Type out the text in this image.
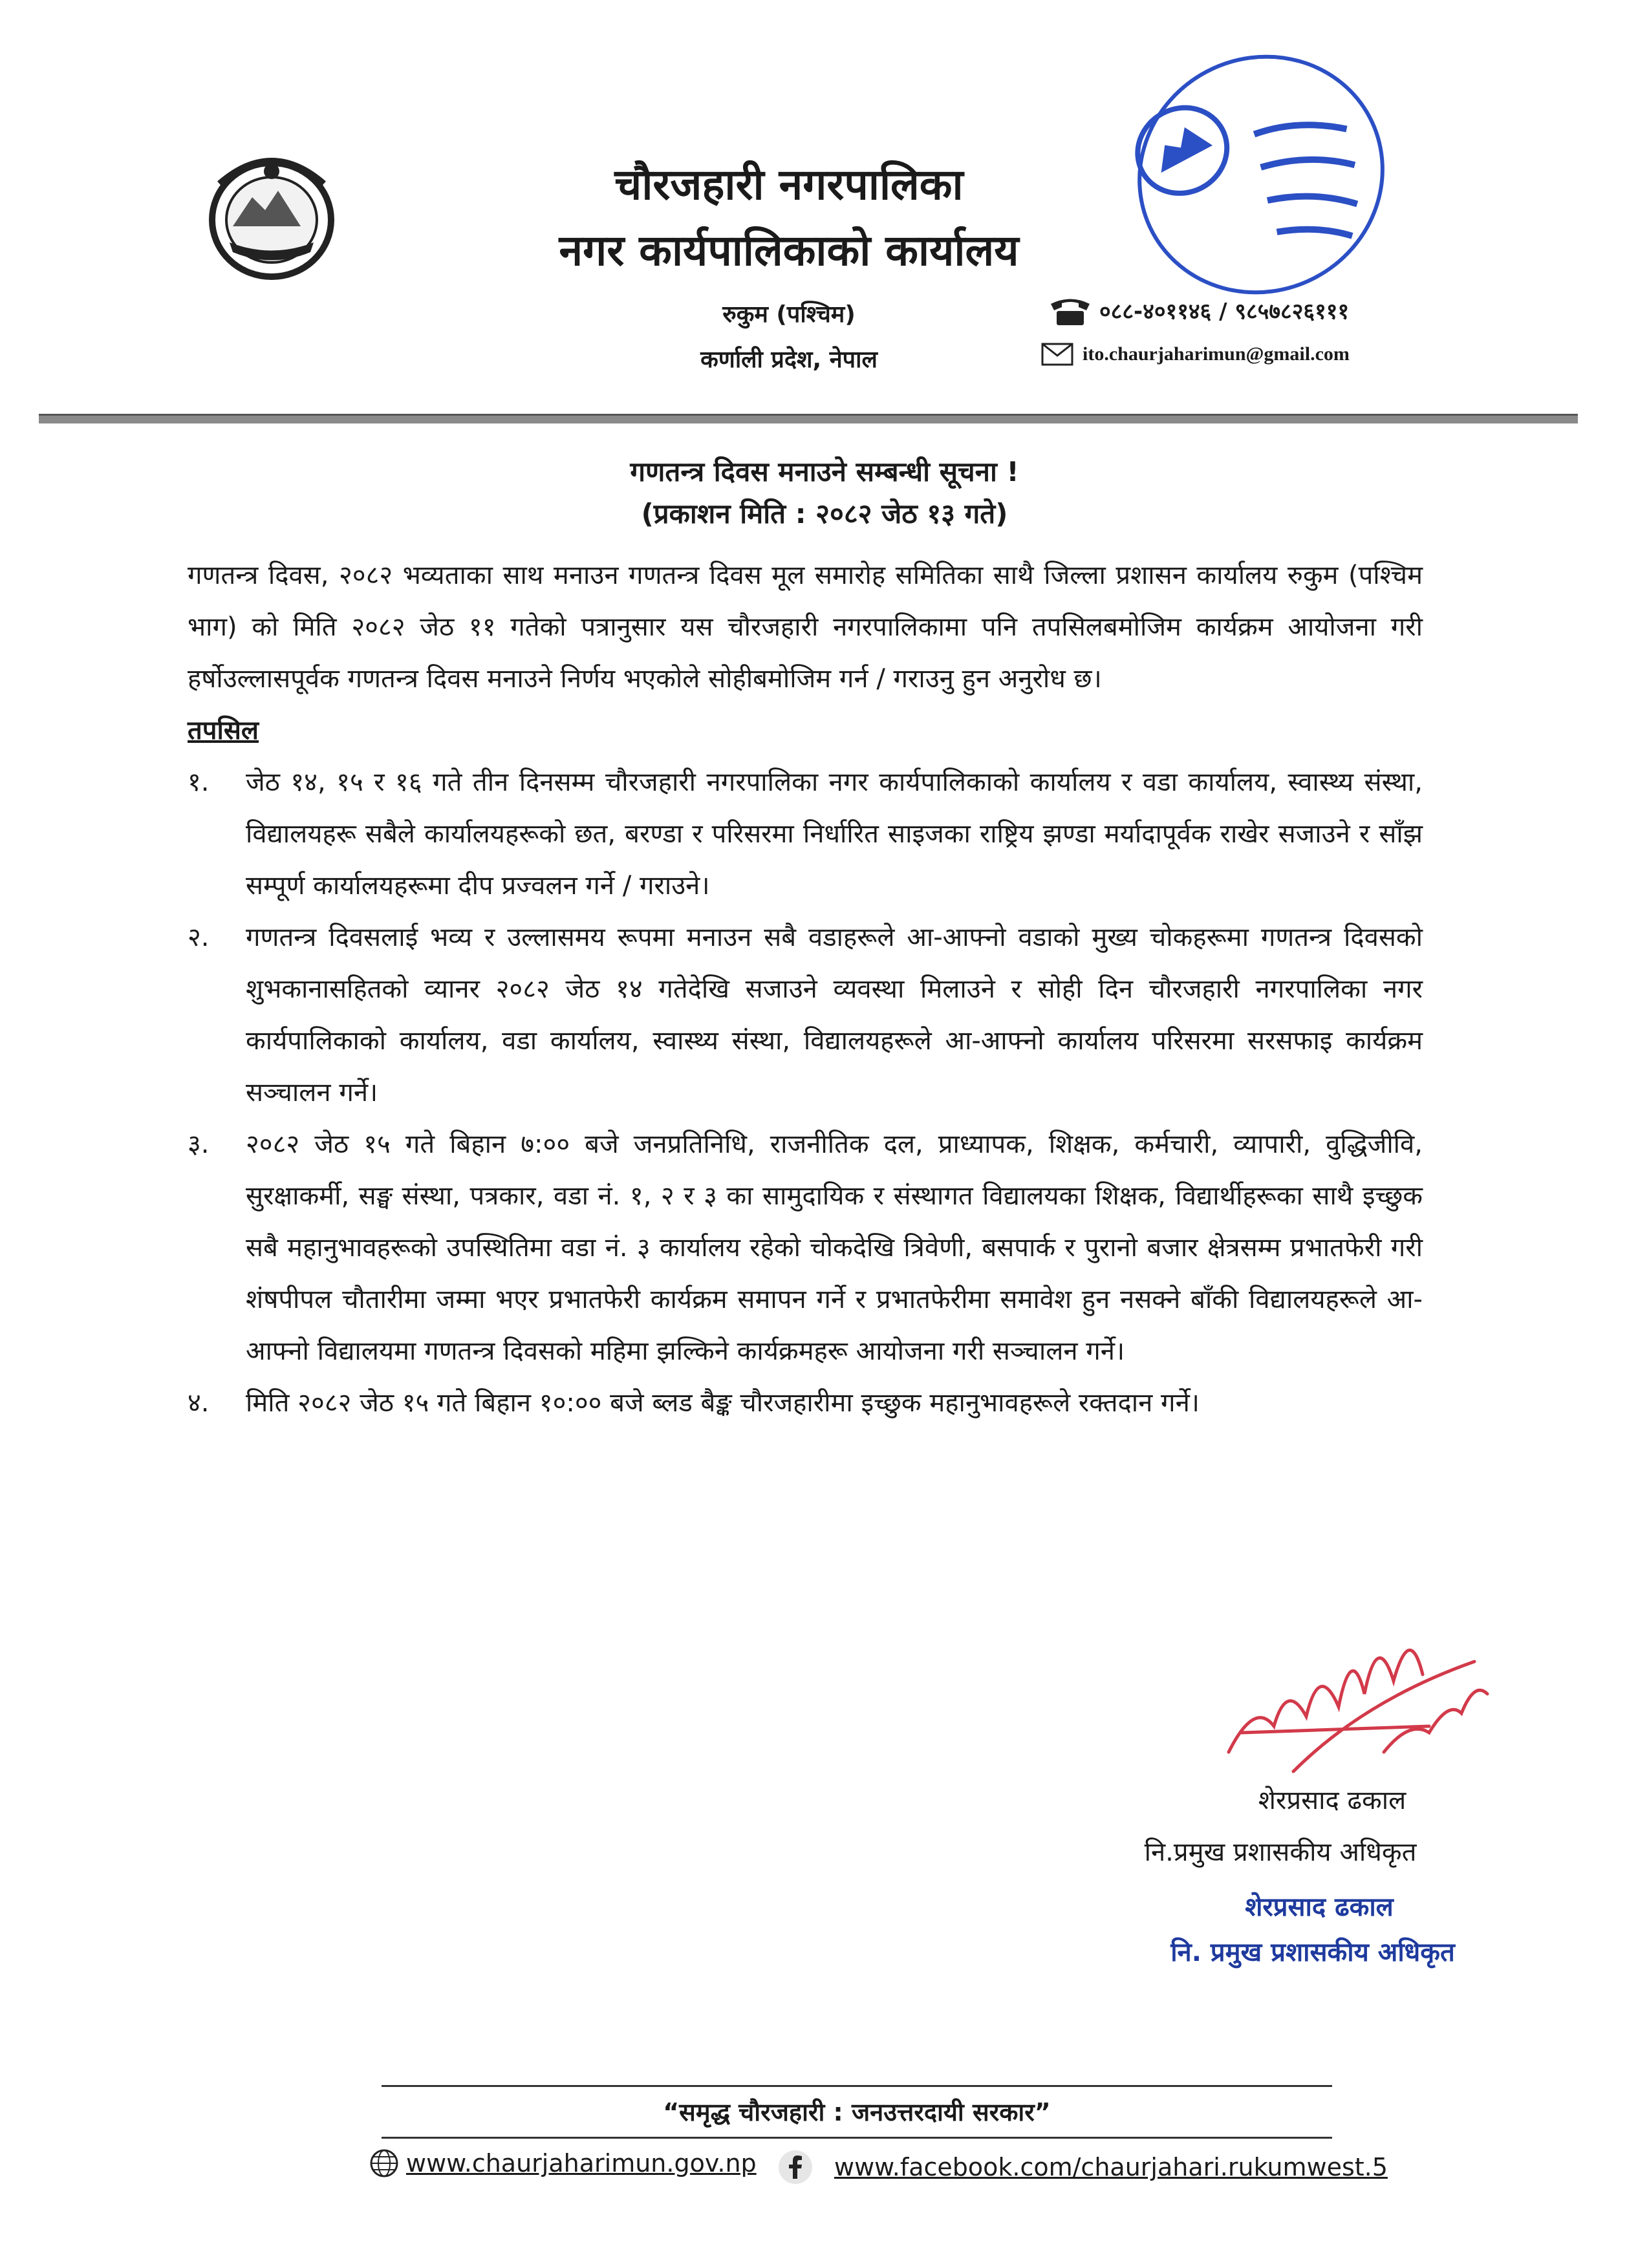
चौरजहारी नगरपालिका
नगर कार्यपालिकाको कार्यालय
रुकुम (पश्चिम)
कर्णाली प्रदेश, नेपाल
०८८-४०११४६ / ९८५७८२६१११
ito.chaurjaharimun@gmail.com
गणतन्त्र दिवस मनाउने सम्बन्धी सूचना !
(प्रकाशन मिति : २०८२ जेठ १३ गते)

गणतन्त्र दिवस, २०८२ भव्यताका साथ मनाउन गणतन्त्र दिवस मूल समारोह समितिका साथै जिल्ला प्रशासन कार्यालय रुकुम (पश्चिम भाग) को मिति २०८२ जेठ ११ गतेको पत्रानुसार यस चौरजहारी नगरपालिकामा पनि तपसिलबमोजिम कार्यक्रम आयोजना गरी हर्षोउल्लासपूर्वक गणतन्त्र दिवस मनाउने निर्णय भएकोले सोहीबमोजिम गर्न / गराउनु हुन अनुरोध छ।

तपसिल

१.	जेठ १४, १५ र १६ गते तीन दिनसम्म चौरजहारी नगरपालिका नगर कार्यपालिकाको कार्यालय र वडा कार्यालय, स्वास्थ्य संस्था, विद्यालयहरू सबैले कार्यालयहरूको छत, बरण्डा र परिसरमा निर्धारित साइजका राष्ट्रिय झण्डा मर्यादापूर्वक राखेर सजाउने र साँझ सम्पूर्ण कार्यालयहरूमा दीप प्रज्वलन गर्ने / गराउने।
२.	गणतन्त्र दिवसलाई भव्य र उल्लासमय रूपमा मनाउन सबै वडाहरूले आ-आफ्नो वडाको मुख्य चोकहरूमा गणतन्त्र दिवसको शुभकानासहितको व्यानर २०८२ जेठ १४ गतेदेखि सजाउने व्यवस्था मिलाउने र सोही दिन चौरजहारी नगरपालिका नगर कार्यपालिकाको कार्यालय, वडा कार्यालय, स्वास्थ्य संस्था, विद्यालयहरूले आ-आफ्नो कार्यालय परिसरमा सरसफाइ कार्यक्रम सञ्चालन गर्ने।
३.	२०८२ जेठ १५ गते बिहान ७:०० बजे जनप्रतिनिधि, राजनीतिक दल, प्राध्यापक, शिक्षक, कर्मचारी, व्यापारी, वुद्धिजीवि, सुरक्षाकर्मी, सङ्घ संस्था, पत्रकार, वडा नं. १, २ र ३ का सामुदायिक र संस्थागत विद्यालयका शिक्षक, विद्यार्थीहरूका साथै इच्छुक सबै महानुभावहरूको उपस्थितिमा वडा नं. ३ कार्यालय रहेको चोकदेखि त्रिवेणी, बसपार्क र पुरानो बजार क्षेत्रसम्म प्रभातफेरी गरी शंषपीपल चौतारीमा जम्मा भएर प्रभातफेरी कार्यक्रम समापन गर्ने र प्रभातफेरीमा समावेश हुन नसक्ने बाँकी विद्यालयहरूले आ-आफ्नो विद्यालयमा गणतन्त्र दिवसको महिमा झल्किने कार्यक्रमहरू आयोजना गरी सञ्चालन गर्ने।
४.	मिति २०८२ जेठ १५ गते बिहान १०:०० बजे ब्लड बैङ्क चौरजहारीमा इच्छुक महानुभावहरूले रक्तदान गर्ने।
शेरप्रसाद ढकाल
नि.प्रमुख प्रशासकीय अधिकृत
शेरप्रसाद ढकाल
नि. प्रमुख प्रशासकीय अधिकृत
“समृद्ध चौरजहारी : जनउत्तरदायी सरकार”
www.chaurjaharimun.gov.np	www.facebook.com/chaurjahari.rukumwest.5
